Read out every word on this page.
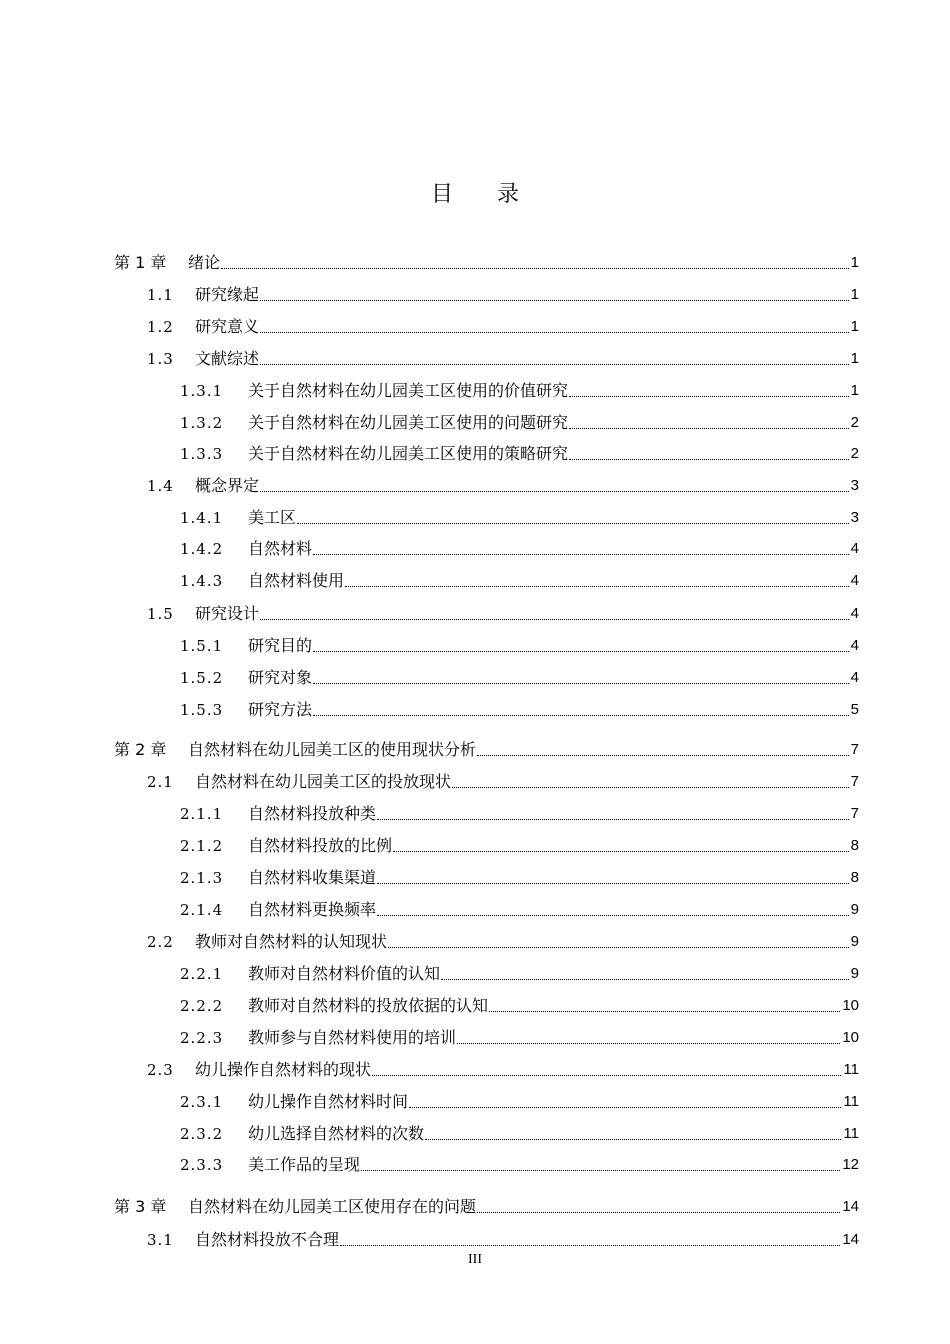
目录
第 1 章	绪论	1
1.1	研究缘起	1
1.2	研究意义	1
1.3	文献综述	1
1.3.1	关于自然材料在幼儿园美工区使用的价值研究	1
1.3.2	关于自然材料在幼儿园美工区使用的问题研究	2
1.3.3	关于自然材料在幼儿园美工区使用的策略研究	2
1.4	概念界定	3
1.4.1	美工区	3
1.4.2	自然材料	4
1.4.3	自然材料使用	4
1.5	研究设计	4
1.5.1	研究目的	4
1.5.2	研究对象	4
1.5.3	研究方法	5
第 2 章	自然材料在幼儿园美工区的使用现状分析	7
2.1	自然材料在幼儿园美工区的投放现状	7
2.1.1	自然材料投放种类	7
2.1.2	自然材料投放的比例	8
2.1.3	自然材料收集渠道	8
2.1.4	自然材料更换频率	9
2.2	教师对自然材料的认知现状	9
2.2.1	教师对自然材料价值的认知	9
2.2.2	教师对自然材料的投放依据的认知	10
2.2.3	教师参与自然材料使用的培训	10
2.3	幼儿操作自然材料的现状	11
2.3.1	幼儿操作自然材料时间	11
2.3.2	幼儿选择自然材料的次数	11
2.3.3	美工作品的呈现	12
第 3 章	自然材料在幼儿园美工区使用存在的问题	14
3.1	自然材料投放不合理	14
III
